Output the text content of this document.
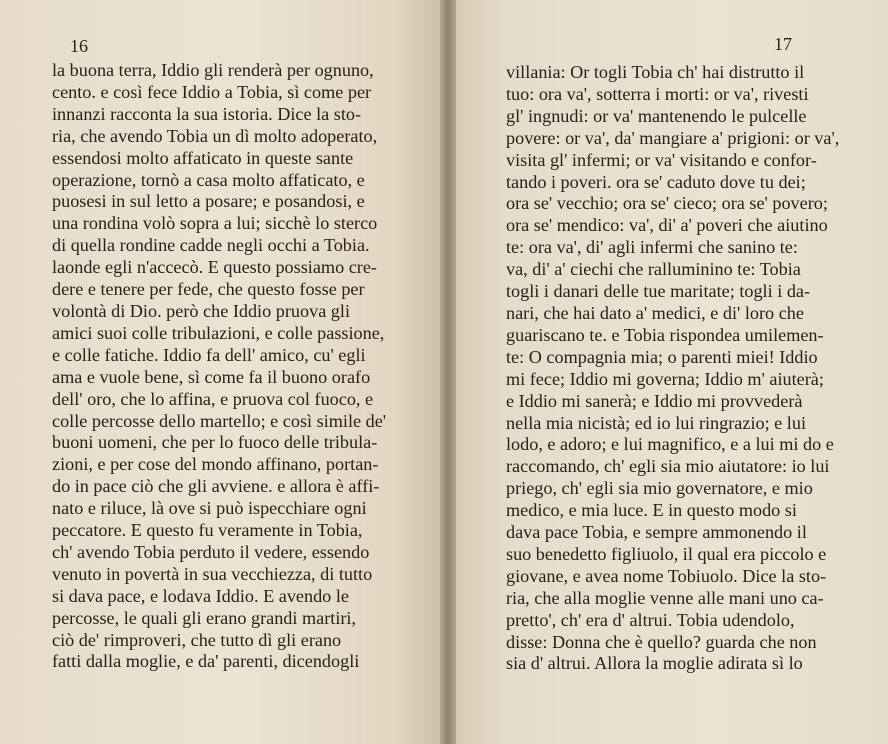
16
la buona terra, Iddio gli renderà per ognuno,
cento. e così fece Iddio a Tobia, sì come per
innanzi racconta la sua istoria. Dice la sto-
ria, che avendo Tobia un dì molto adoperato,
essendosi molto affaticato in queste sante
operazione, tornò a casa molto affaticato, e
puosesi in sul letto a posare; e posandosi, e
una rondina volò sopra a lui; sicchè lo sterco
di quella rondine cadde negli occhi a Tobia.
laonde egli n'accecò. E questo possiamo cre-
dere e tenere per fede, che questo fosse per
volontà di Dio. però che Iddio pruova gli
amici suoi colle tribulazioni, e colle passione,
e colle fatiche. Iddio fa dell' amico, cu' egli
ama e vuole bene, sì come fa il buono orafo
dell' oro, che lo affina, e pruova col fuoco, e
colle percosse dello martello; e così simile de'
buoni uomeni, che per lo fuoco delle tribula-
zioni, e per cose del mondo affinano, portan-
do in pace ciò che gli avviene. e allora è affi-
nato e riluce, là ove si può ispecchiare ogni
peccatore. E questo fu veramente in Tobia,
ch' avendo Tobia perduto il vedere, essendo
venuto in povertà in sua vecchiezza, di tutto
si dava pace, e lodava Iddio. E avendo le
percosse, le quali gli erano grandi martiri,
ciò de' rimproveri, che tutto dì gli erano
fatti dalla moglie, e da' parenti, dicendogli
17
villania: Or togli Tobia ch' hai distrutto il
tuo: ora va', sotterra i morti: or va', rivesti
gl' ingnudi: or va' mantenendo le pulcelle
povere: or va', da' mangiare a' prigioni: or va',
visita gl' infermi; or va' visitando e confor-
tando i poveri. ora se' caduto dove tu dei;
ora se' vecchio; ora se' cieco; ora se' povero;
ora se' mendico: va', di' a' poveri che aiutino
te: ora va', di' agli infermi che sanino te:
va, di' a' ciechi che ralluminino te: Tobia
togli i danari delle tue maritate; togli i da-
nari, che hai dato a' medici, e di' loro che
guariscano te. e Tobia rispondea umilemen-
te: O compagnia mia; o parenti miei! Iddio
mi fece; Iddio mi governa; Iddio m' aiuterà;
e Iddio mi sanerà; e Iddio mi provvederà
nella mia nicistà; ed io lui ringrazio; e lui
lodo, e adoro; e lui magnifico, e a lui mi do e
raccomando, ch' egli sia mio aiutatore: io lui
priego, ch' egli sia mio governatore, e mio
medico, e mia luce. E in questo modo si
dava pace Tobia, e sempre ammonendo il
suo benedetto figliuolo, il qual era piccolo e
giovane, e avea nome Tobiuolo. Dice la sto-
ria, che alla moglie venne alle mani uno ca-
pretto', ch' era d' altrui. Tobia udendolo,
disse: Donna che è quello? guarda che non
sia d' altrui. Allora la moglie adirata sì lo
